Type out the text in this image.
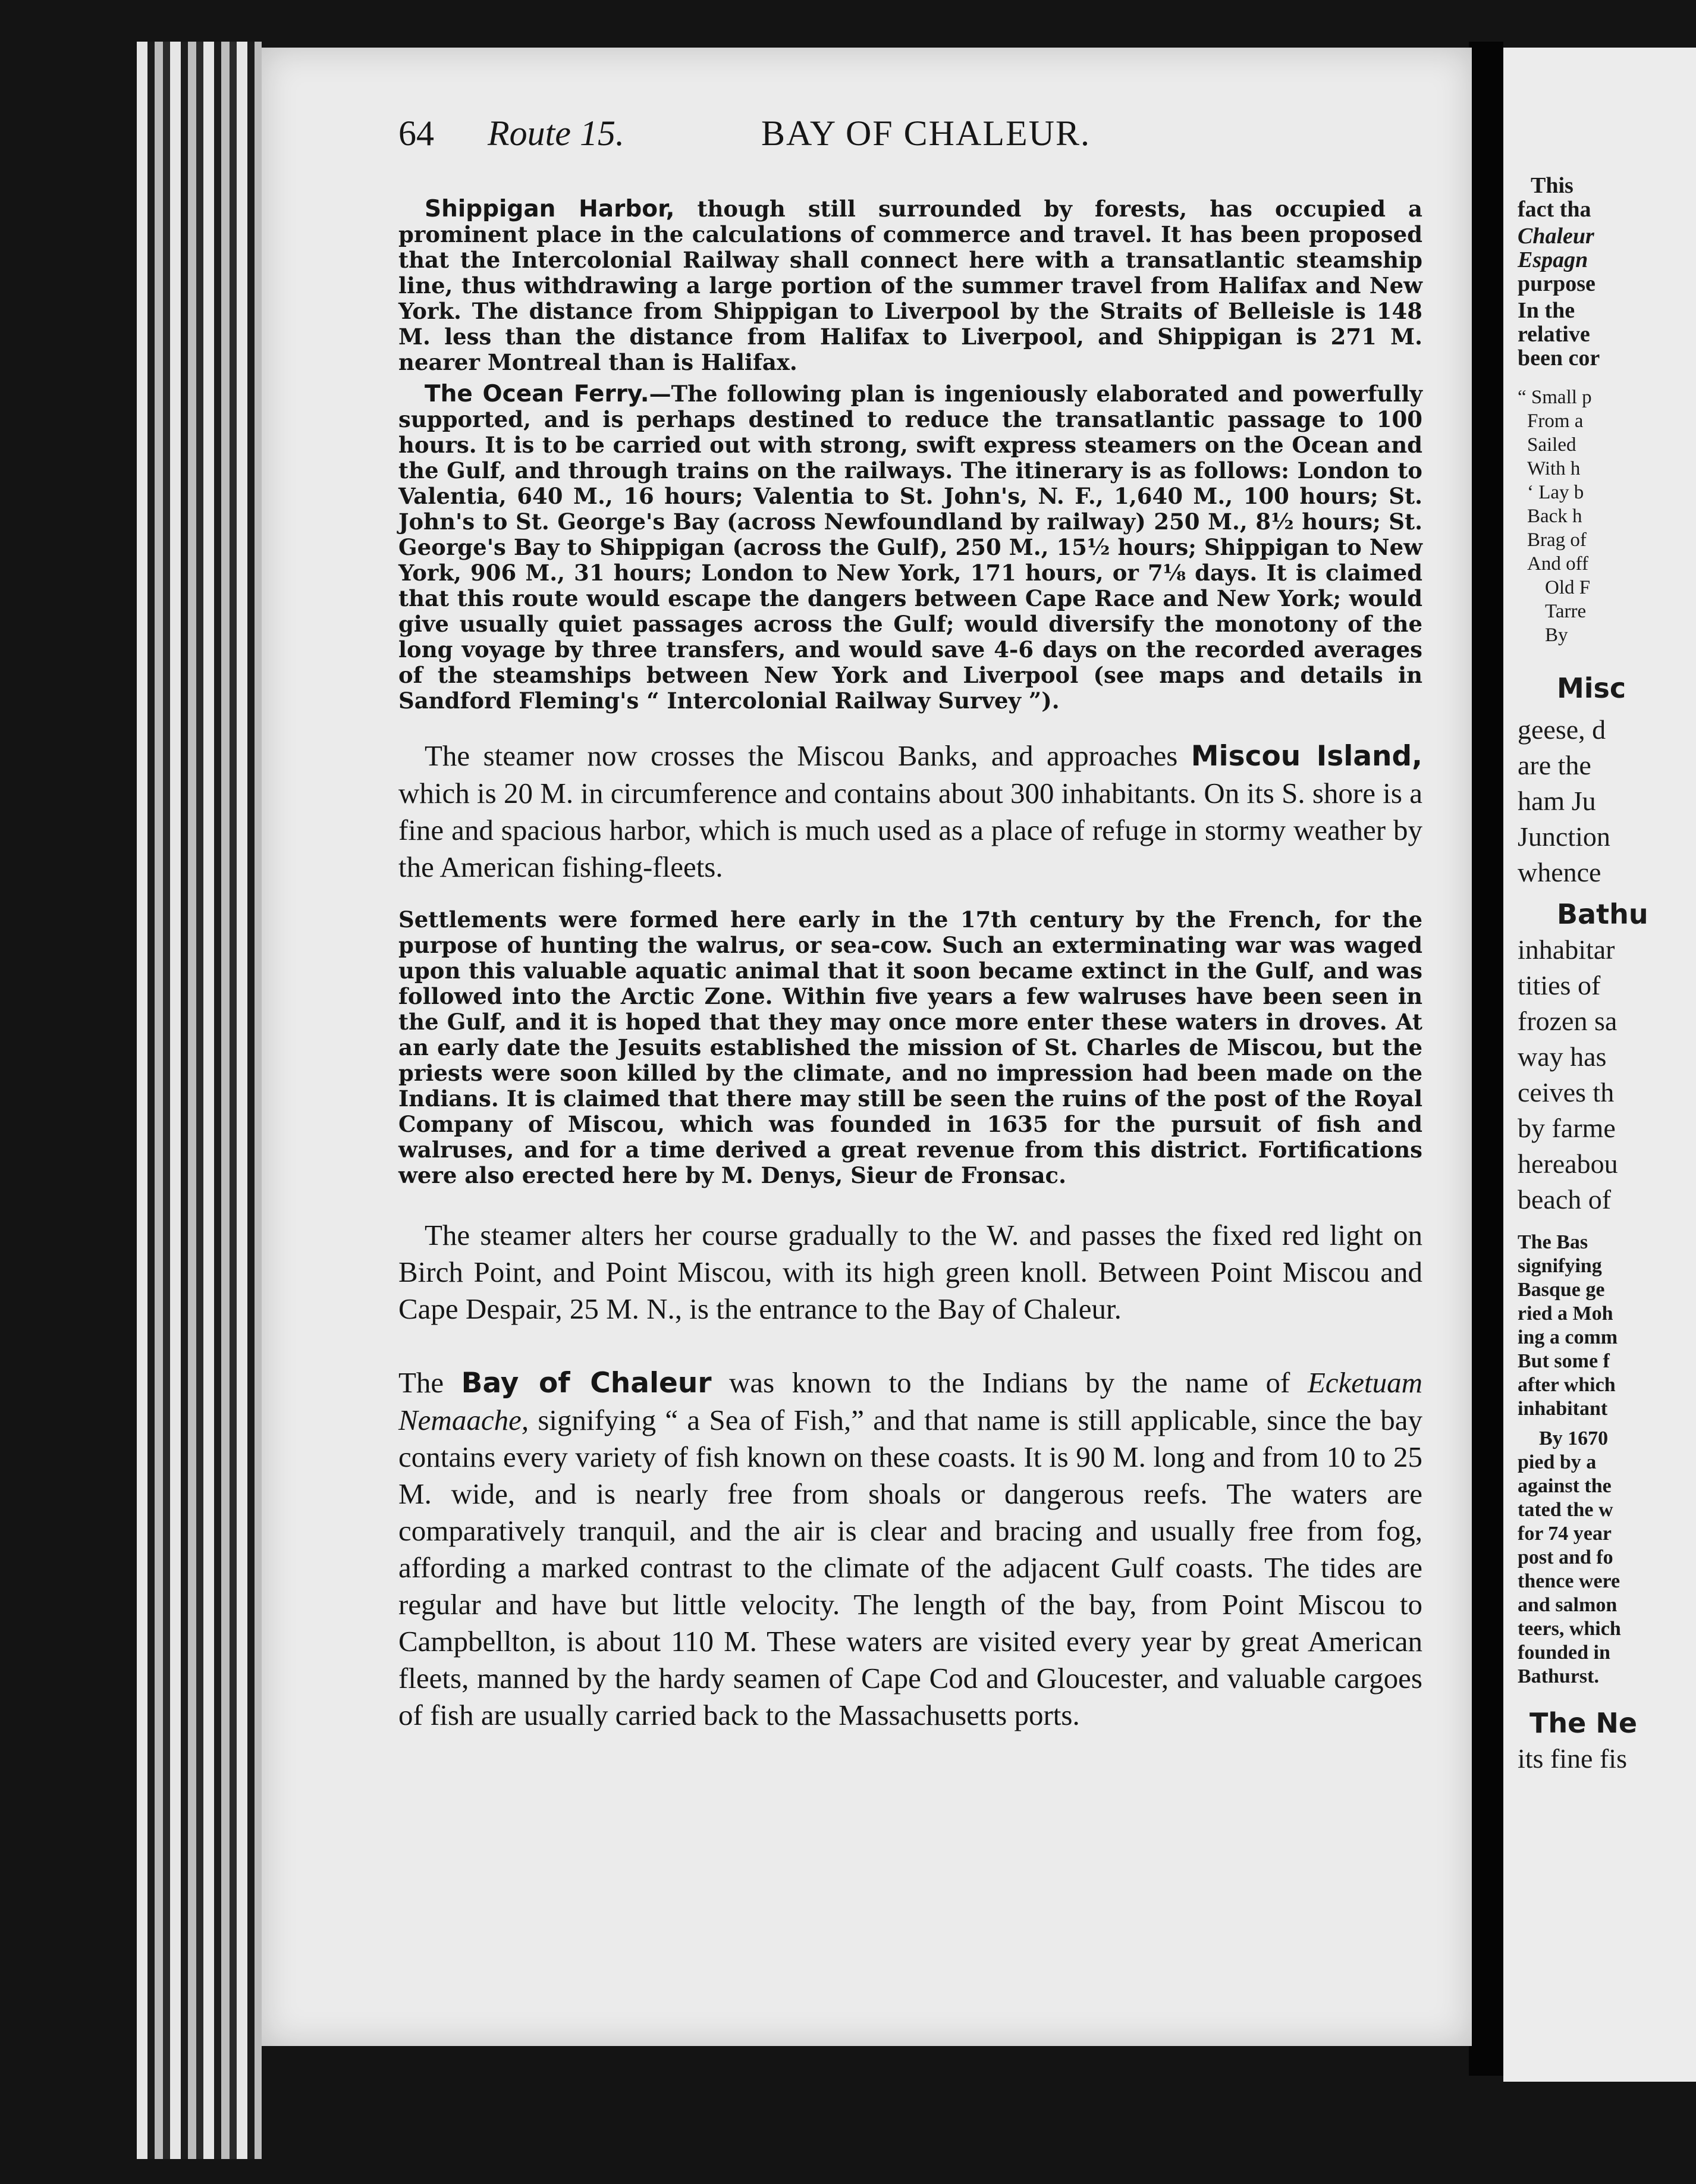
64 Route 15.	BAY OF CHALEUR.

Shippigan Harbor, though still surrounded by forests, has occupied a prominent place in the calculations of commerce and travel. It has been proposed that the Intercolonial Railway shall connect here with a transatlantic steamship line, thus withdrawing a large portion of the summer travel from Halifax and New York. The distance from Shippigan to Liverpool by the Straits of Belleisle is 148 M. less than the distance from Halifax to Liverpool, and Shippigan is 271 M. nearer Montreal than is Halifax.

The Ocean Ferry.—The following plan is ingeniously elaborated and powerfully supported, and is perhaps destined to reduce the transatlantic passage to 100 hours. It is to be carried out with strong, swift express steamers on the Ocean and the Gulf, and through trains on the railways. The itinerary is as follows: London to Valentia, 640 M., 16 hours; Valentia to St. John's, N. F., 1,640 M., 100 hours; St. John's to St. George's Bay (across Newfoundland by railway) 250 M., 8½ hours; St. George's Bay to Shippigan (across the Gulf), 250 M., 15½ hours; Shippigan to New York, 906 M., 31 hours; London to New York, 171 hours, or 7⅛ days. It is claimed that this route would escape the dangers between Cape Race and New York; would give usually quiet passages across the Gulf; would diversify the monotony of the long voyage by three transfers, and would save 4-6 days on the recorded averages of the steamships between New York and Liverpool (see maps and details in Sandford Fleming's “ Intercolonial Railway Survey ”).

The steamer now crosses the Miscou Banks, and approaches Miscou Island, which is 20 M. in circumference and contains about 300 inhabitants. On its S. shore is a fine and spacious harbor, which is much used as a place of refuge in stormy weather by the American fishing-fleets.

Settlements were formed here early in the 17th century by the French, for the purpose of hunting the walrus, or sea-cow. Such an exterminating war was waged upon this valuable aquatic animal that it soon became extinct in the Gulf, and was followed into the Arctic Zone. Within five years a few walruses have been seen in the Gulf, and it is hoped that they may once more enter these waters in droves. At an early date the Jesuits established the mission of St. Charles de Miscou, but the priests were soon killed by the climate, and no impression had been made on the Indians. It is claimed that there may still be seen the ruins of the post of the Royal Company of Miscou, which was founded in 1635 for the pursuit of fish and walruses, and for a time derived a great revenue from this district. Fortifications were also erected here by M. Denys, Sieur de Fronsac.

The steamer alters her course gradually to the W. and passes the fixed red light on Birch Point, and Point Miscou, with its high green knoll. Between Point Miscou and Cape Despair, 25 M. N., is the entrance to the Bay of Chaleur.

The Bay of Chaleur was known to the Indians by the name of Ecketuam Nemaache, signifying “ a Sea of Fish,” and that name is still applicable, since the bay contains every variety of fish known on these coasts. It is 90 M. long and from 10 to 25 M. wide, and is nearly free from shoals or dangerous reefs. The waters are comparatively tranquil, and the air is clear and bracing and usually free from fog, affording a marked contrast to the climate of the adjacent Gulf coasts. The tides are regular and have but little velocity. The length of the bay, from Point Miscou to Campbellton, is about 110 M. These waters are visited every year by great American fleets, manned by the hardy seamen of Cape Cod and Gloucester, and valuable cargoes of fish are usually carried back to the Massachusetts ports.

This
fact tha
Chaleur
Espagn
purpose
In the
relative
been cor
“ Small p
From a
Sailed
With h
‘ Lay b
Back h
Brag of
And off
Old F
Tarre
By
Misc
geese, d
are the
ham Ju
Junction
whence
Bathu
inhabitar
tities of
frozen sa
way has
ceives th
by farme
hereabou
beach of
The Bas
signifying
Basque ge
ried a Moh
ing a comm
But some f
after which
inhabitant
By 1670
pied by a
against the
tated the w
for 74 year
post and fo
thence were
and salmon
teers, which
founded in
Bathurst.
The Ne
its fine fis
